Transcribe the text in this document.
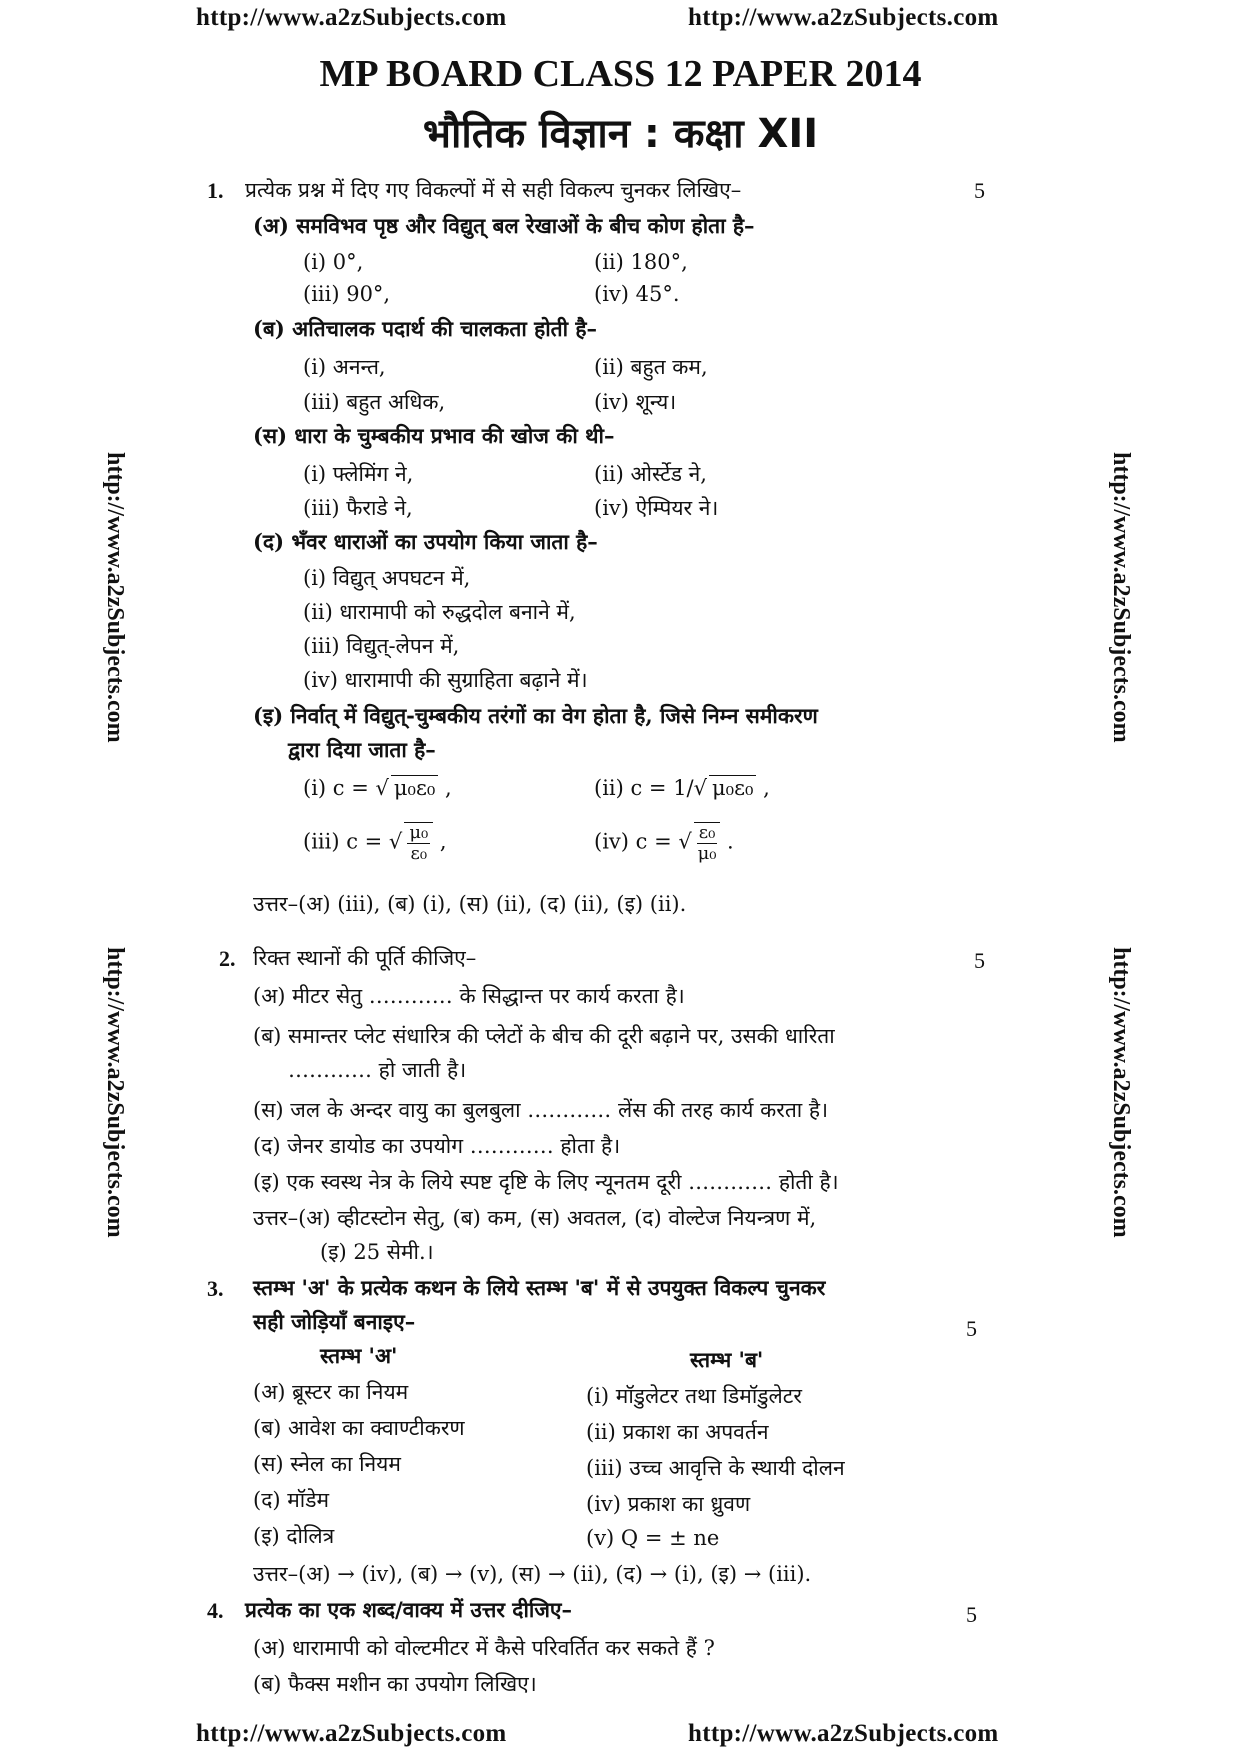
http://www.a2zSubjects.com	http://www.a2zSubjects.com
http://www.a2zSubjects.com	http://www.a2zSubjects.com
http://www.a2zSubjects.com
http://www.a2zSubjects.com
http://www.a2zSubjects.com
http://www.a2zSubjects.com
MP BOARD CLASS 12 PAPER 2014
भौतिक विज्ञान : कक्षा XII
1. प्रत्येक प्रश्न में दिए गए विकल्पों में से सही विकल्प चुनकर लिखिए–	5
(अ) समविभव पृष्ठ और विद्युत् बल रेखाओं के बीच कोण होता है–
(i) 0°,	(ii) 180°,
(iii) 90°,	(iv) 45°.
(ब) अतिचालक पदार्थ की चालकता होती है–
(i) अनन्त,	(ii) बहुत कम,
(iii) बहुत अधिक,	(iv) शून्य।
(स) धारा के चुम्बकीय प्रभाव की खोज की थी–
(i) फ्लेमिंग ने,	(ii) ओर्स्टेड ने,
(iii) फैराडे ने,	(iv) ऐम्पियर ने।
(द) भँवर धाराओं का उपयोग किया जाता है–
(i) विद्युत् अपघटन में,
(ii) धारामापी को रुद्धदोल बनाने में,
(iii) विद्युत्-लेपन में,
(iv) धारामापी की सुग्राहिता बढ़ाने में।
(इ) निर्वात् में विद्युत्-चुम्बकीय तरंगों का वेग होता है, जिसे निम्न समीकरण
द्वारा दिया जाता है–
(i) c = √ μ₀ε₀ ,	(ii) c = 1/√ μ₀ε₀ ,
(iii) c = √ $\frac{\text{μ₀}}{\text{ε₀}}$ ,	(iv) c = √ $\frac{\text{ε₀}}{\text{μ₀}}$ .
उत्तर–(अ) (iii), (ब) (i), (स) (ii), (द) (ii), (इ) (ii).
2. रिक्त स्थानों की पूर्ति कीजिए–	5
(अ) मीटर सेतु ………… के सिद्धान्त पर कार्य करता है।
(ब) समान्तर प्लेट संधारित्र की प्लेटों के बीच की दूरी बढ़ाने पर, उसकी धारिता
………… हो जाती है।
(स) जल के अन्दर वायु का बुलबुला ………… लेंस की तरह कार्य करता है।
(द) जेनर डायोड का उपयोग ………… होता है।
(इ) एक स्वस्थ नेत्र के लिये स्पष्ट दृष्टि के लिए न्यूनतम दूरी ………… होती है।
उत्तर–(अ) व्हीटस्टोन सेतु, (ब) कम, (स) अवतल, (द) वोल्टेज नियन्त्रण में,
(इ) 25 सेमी.।
3. स्तम्भ 'अ' के प्रत्येक कथन के लिये स्तम्भ 'ब' में से उपयुक्त विकल्प चुनकर
सही जोड़ियाँ बनाइए–	5
स्तम्भ 'अ'	स्तम्भ 'ब'
(अ) ब्रूस्टर का नियम	(i) मॉडुलेटर तथा डिमॉडुलेटर
(ब) आवेश का क्वाण्टीकरण	(ii) प्रकाश का अपवर्तन
(स) स्नेल का नियम	(iii) उच्च आवृत्ति के स्थायी दोलन
(द) मॉडेम	(iv) प्रकाश का ध्रुवण
(इ) दोलित्र	(v) Q = ± ne
उत्तर–(अ) → (iv), (ब) → (v), (स) → (ii), (द) → (i), (इ) → (iii).
4. प्रत्येक का एक शब्द/वाक्य में उत्तर दीजिए–	5
(अ) धारामापी को वोल्टमीटर में कैसे परिवर्तित कर सकते हैं ?
(ब) फैक्स मशीन का उपयोग लिखिए।
